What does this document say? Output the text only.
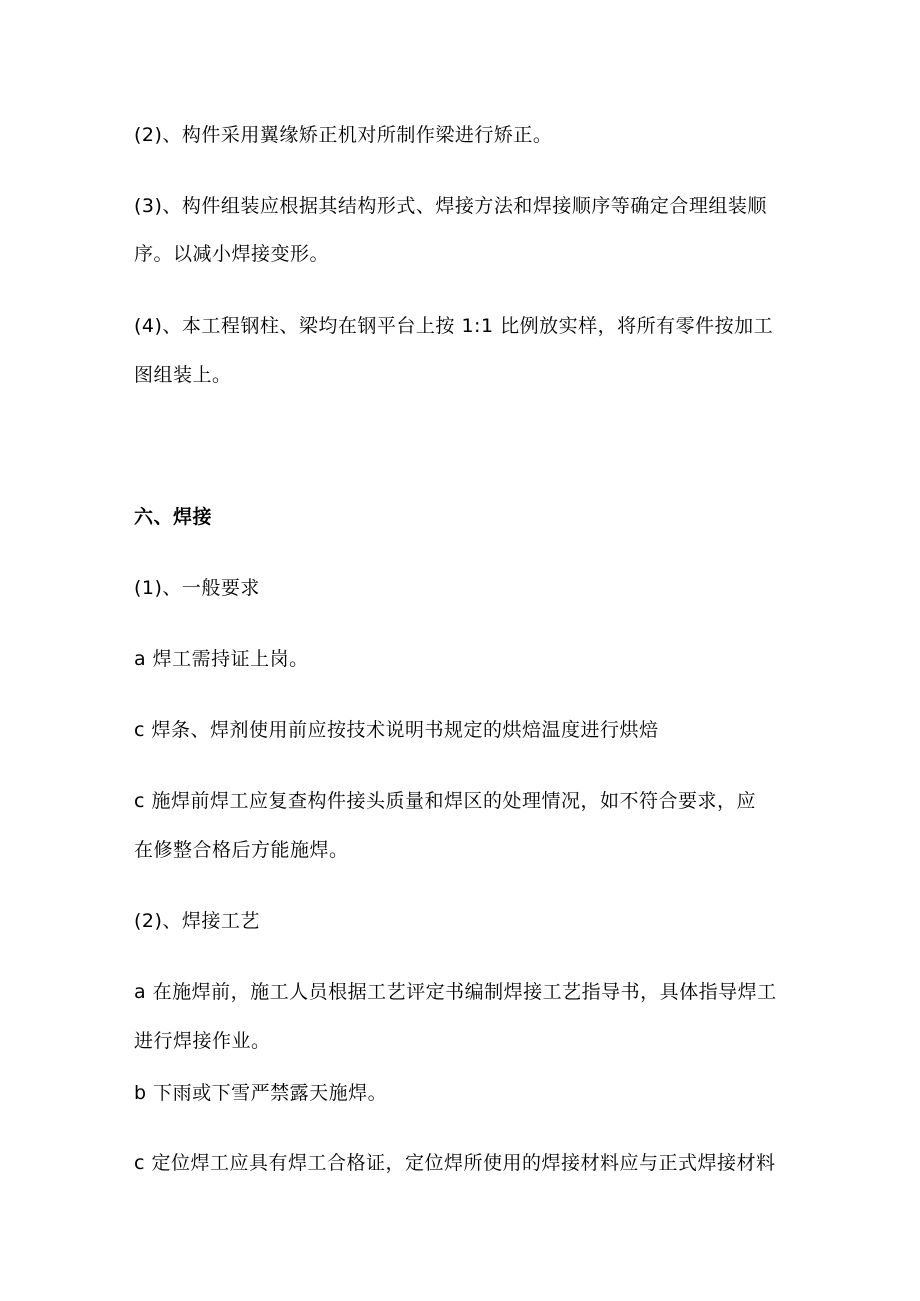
(2)、构件采用翼缘矫正机对所制作梁进行矫正。
(3)、构件组装应根据其结构形式、焊接方法和焊接顺序等确定合理组装顺
序。以减小焊接变形。
(4)、本工程钢柱、梁均在钢平台上按 1:1 比例放实样，将所有零件按加工
图组装上。
六、焊接
(1)、一般要求
a 焊工需持证上岗。
c 焊条、焊剂使用前应按技术说明书规定的烘焙温度进行烘焙
c 施焊前焊工应复查构件接头质量和焊区的处理情况，如不符合要求，应
在修整合格后方能施焊。
(2)、焊接工艺
a 在施焊前，施工人员根据工艺评定书编制焊接工艺指导书，具体指导焊工
进行焊接作业。
b 下雨或下雪严禁露天施焊。
c 定位焊工应具有焊工合格证，定位焊所使用的焊接材料应与正式焊接材料
